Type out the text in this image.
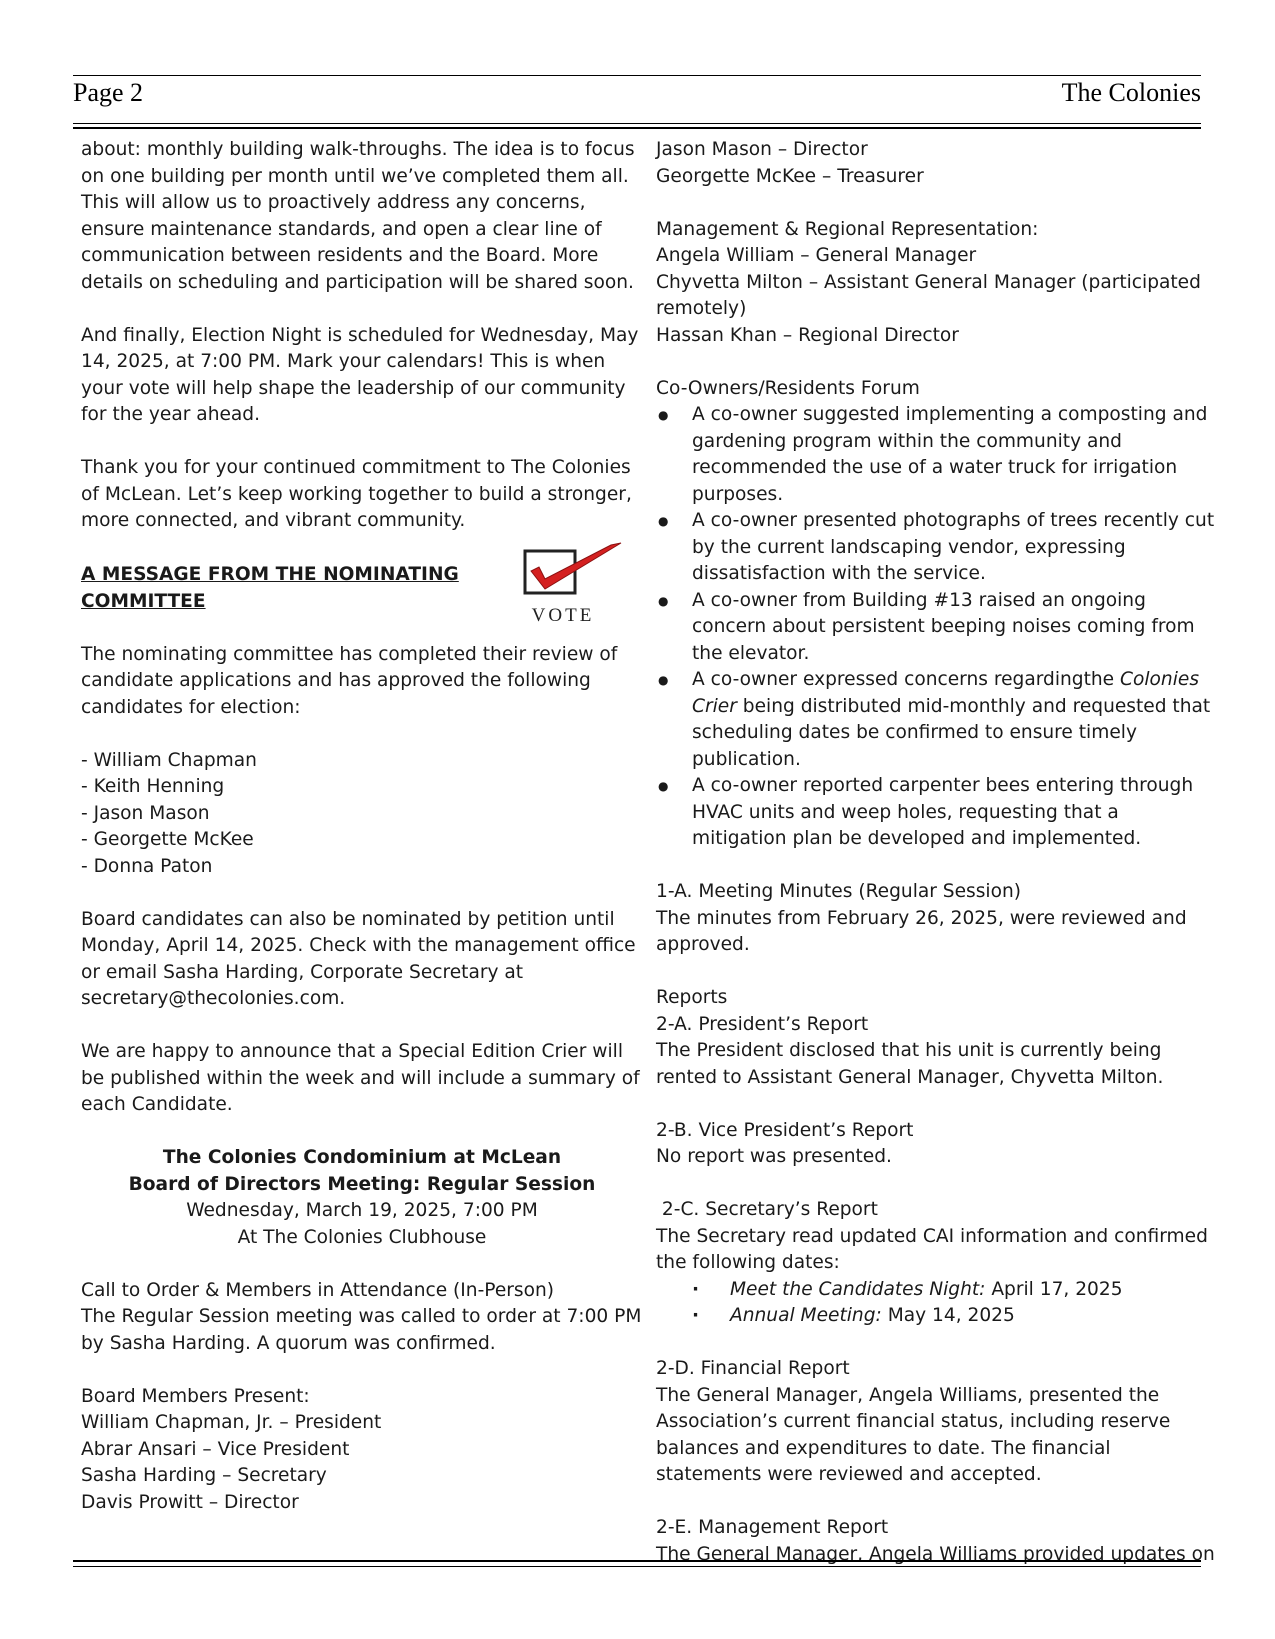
Page 2	The Colonies

about: monthly building walk-throughs. The idea is to focus on one building per month until we’ve completed them all. This will allow us to proactively address any concerns, ensure maintenance standards, and open a clear line of communication between residents and the Board. More details on scheduling and participation will be shared soon.

And finally, Election Night is scheduled for Wednesday, May 14, 2025, at 7:00 PM. Mark your calendars! This is when your vote will help shape the leadership of our community for the year ahead.

Thank you for your continued commitment to The Colonies of McLean. Let’s keep working together to build a stronger, more connected, and vibrant community.

VOTE

A MESSAGE FROM THE NOMINATING COMMITTEE

The nominating committee has completed their review of candidate applications and has approved the following candidates for election:

- William Chapman

- Keith Henning

- Jason Mason

- Georgette McKee

- Donna Paton

Board candidates can also be nominated by petition until Monday, April 14, 2025. Check with the management office or email Sasha Harding, Corporate Secretary at secretary@thecolonies.com.

We are happy to announce that a Special Edition Crier will be published within the week and will include a summary of each Candidate.

The Colonies Condominium at McLean

Board of Directors Meeting: Regular Session

Wednesday, March 19, 2025, 7:00 PM

At The Colonies Clubhouse

Call to Order & Members in Attendance (In-Person)

The Regular Session meeting was called to order at 7:00 PM by Sasha Harding. A quorum was confirmed.

Board Members Present:

William Chapman, Jr. – President

Abrar Ansari – Vice President

Sasha Harding – Secretary

Davis Prowitt – Director

Jason Mason – Director

Georgette McKee – Treasurer

Management & Regional Representation:

Angela William – General Manager

Chyvetta Milton – Assistant General Manager (participated remotely)

Hassan Khan – Regional Director

Co-Owners/Residents Forum

● A co-owner suggested implementing a composting and gardening program within the community and recommended the use of a water truck for irrigation purposes.
● A co-owner presented photographs of trees recently cut by the current landscaping vendor, expressing dissatisfaction with the service.
● A co-owner from Building #13 raised an ongoing concern about persistent beeping noises coming from the elevator.
● A co-owner expressed concerns regardingthe Colonies Crier being distributed mid-monthly and requested that scheduling dates be confirmed to ensure timely publication.
● A co-owner reported carpenter bees entering through HVAC units and weep holes, requesting that a mitigation plan be developed and implemented.

1-A. Meeting Minutes (Regular Session)

The minutes from February 26, 2025, were reviewed and approved.

Reports

2-A. President’s Report

The President disclosed that his unit is currently being rented to Assistant General Manager, Chyvetta Milton.

2-B. Vice President’s Report

No report was presented.

2-C. Secretary’s Report

The Secretary read updated CAI information and confirmed the following dates:

· Meet the Candidates Night: April 17, 2025
· Annual Meeting: May 14, 2025

2-D. Financial Report

The General Manager, Angela Williams, presented the Association’s current financial status, including reserve balances and expenditures to date. The financial statements were reviewed and accepted.

2-E. Management Report

The General Manager, Angela Williams provided updates on
